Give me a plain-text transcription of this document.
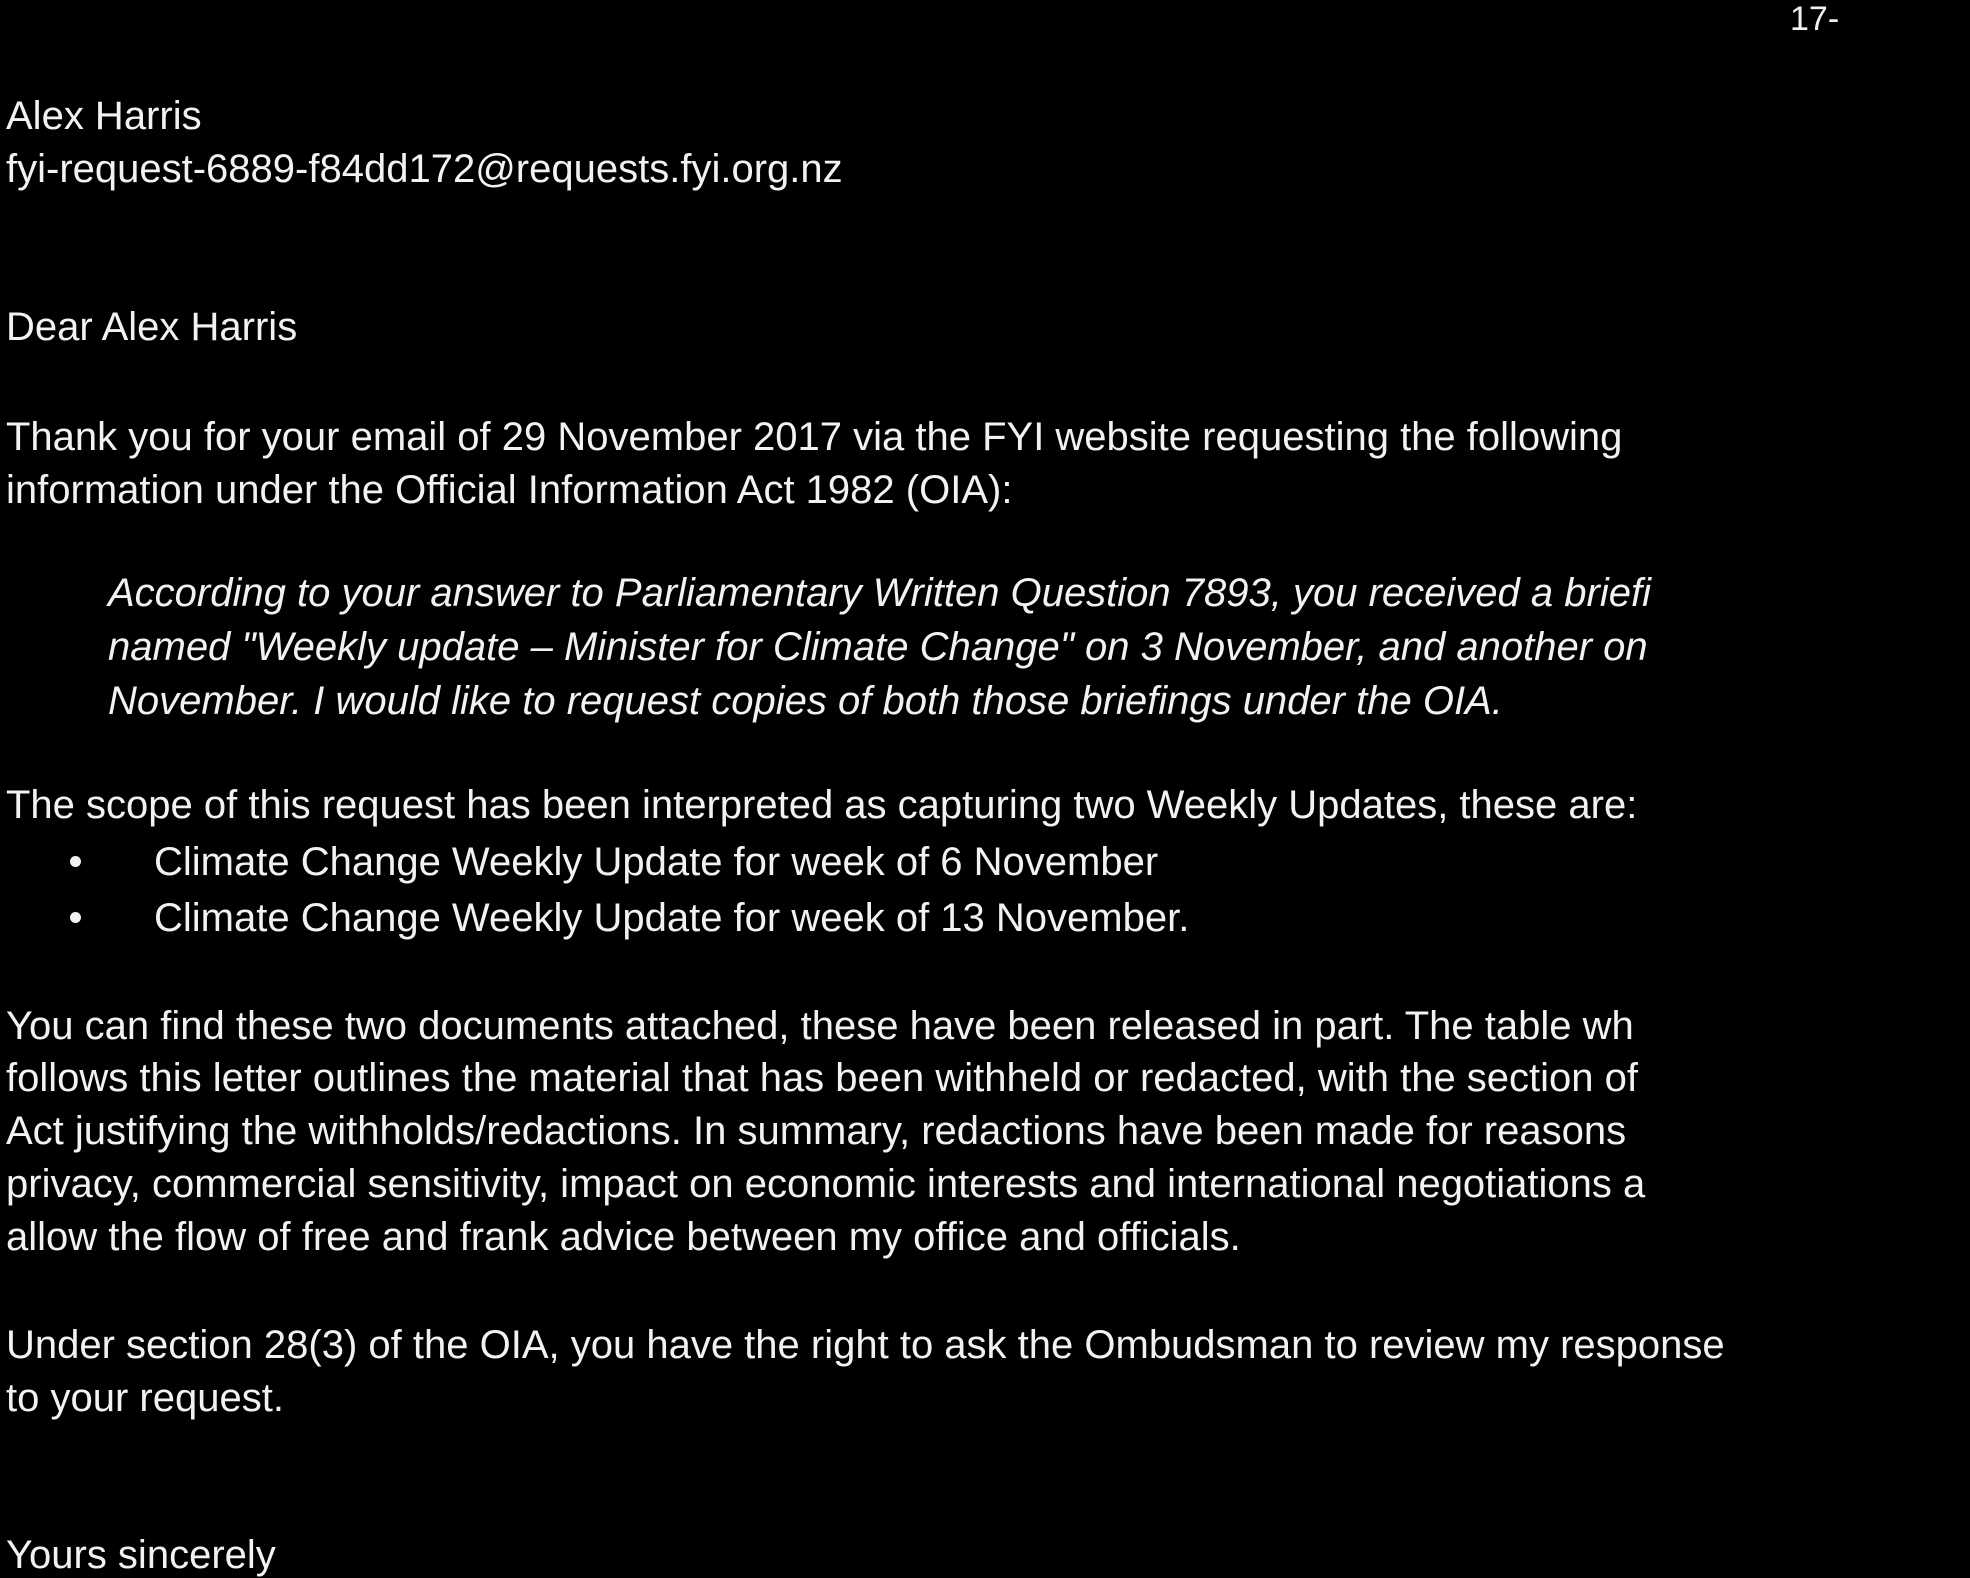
17-
Alex Harris
fyi-request-6889-f84dd172@requests.fyi.org.nz
Dear Alex Harris
Thank you for your email of 29 November 2017 via the FYI website requesting the following
information under the Official Information Act 1982 (OIA):
According to your answer to Parliamentary Written Question 7893, you received a briefi
named "Weekly update – Minister for Climate Change" on 3 November, and another on
November. I would like to request copies of both those briefings under the OIA.
The scope of this request has been interpreted as capturing two Weekly Updates, these are:
Climate Change Weekly Update for week of 6 November
Climate Change Weekly Update for week of 13 November.
You can find these two documents attached, these have been released in part. The table wh
follows this letter outlines the material that has been withheld or redacted, with the section of
Act justifying the withholds/redactions. In summary, redactions have been made for reasons
privacy, commercial sensitivity, impact on economic interests and international negotiations a
allow the flow of free and frank advice between my office and officials.
Under section 28(3) of the OIA, you have the right to ask the Ombudsman to review my response
to your request.
Yours sincerely
